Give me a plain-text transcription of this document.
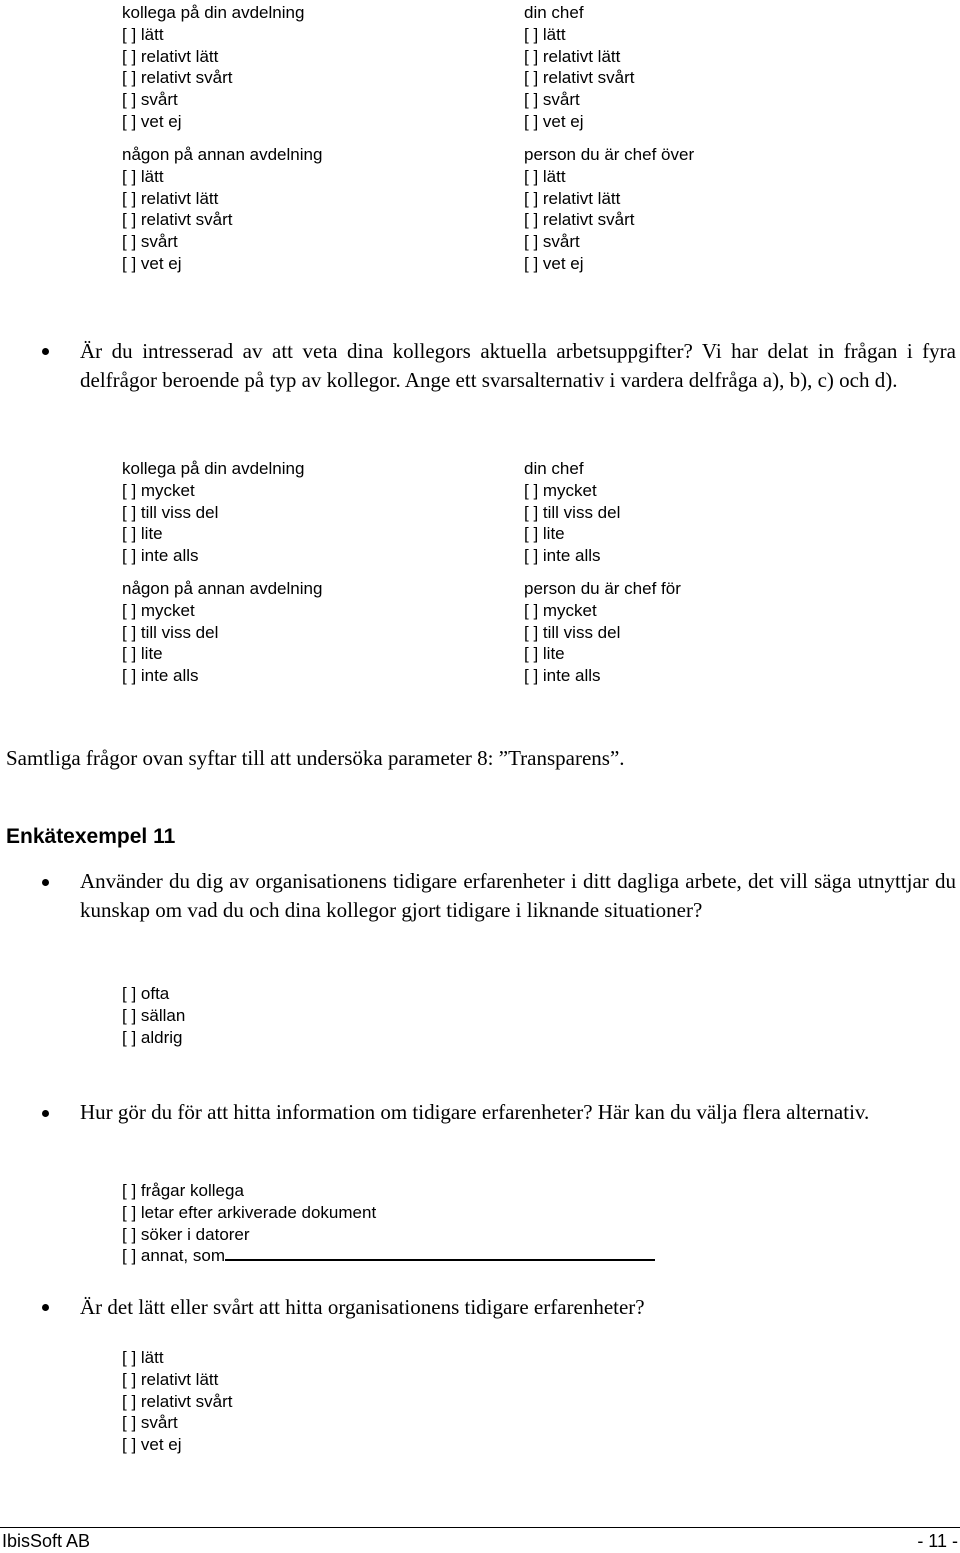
kollega på din avdelning
[ ] lätt
[ ] relativt lätt
[ ] relativt svårt
[ ] svårt
[ ] vet ej
din chef
[ ] lätt
[ ] relativt lätt
[ ] relativt svårt
[ ] svårt
[ ] vet ej
någon på annan avdelning
[ ] lätt
[ ] relativt lätt
[ ] relativt svårt
[ ] svårt
[ ] vet ej
person du är chef över
[ ] lätt
[ ] relativt lätt
[ ] relativt svårt
[ ] svårt
[ ] vet ej
Är du intresserad av att veta dina kollegors aktuella arbetsuppgifter? Vi har delat in frågan i fyra delfrågor beroende på typ av kollegor. Ange ett svarsalternativ i vardera delfråga a), b), c) och d).
kollega på din avdelning
[ ] mycket
[ ] till viss del
[ ] lite
[ ] inte alls
din chef
[ ] mycket
[ ] till viss del
[ ] lite
[ ] inte alls
någon på annan avdelning
[ ] mycket
[ ] till viss del
[ ] lite
[ ] inte alls
person du är chef för
[ ] mycket
[ ] till viss del
[ ] lite
[ ] inte alls
Samtliga frågor ovan syftar till att undersöka parameter 8: ”Transparens”.
Enkätexempel 11
Använder du dig av organisationens tidigare erfarenheter i ditt dagliga arbete, det vill säga utnyttjar du kunskap om vad du och dina kollegor gjort tidigare i liknande situationer?
[ ] ofta
[ ] sällan
[ ] aldrig
Hur gör du för att hitta information om tidigare erfarenheter? Här kan du välja flera alternativ.
[ ] frågar kollega
[ ] letar efter arkiverade dokument
[ ] söker i datorer
[ ] annat, som
Är det lätt eller svårt att hitta organisationens tidigare erfarenheter?
[ ] lätt
[ ] relativt lätt
[ ] relativt svårt
[ ] svårt
[ ] vet ej
IbisSoft AB	- 11 -
